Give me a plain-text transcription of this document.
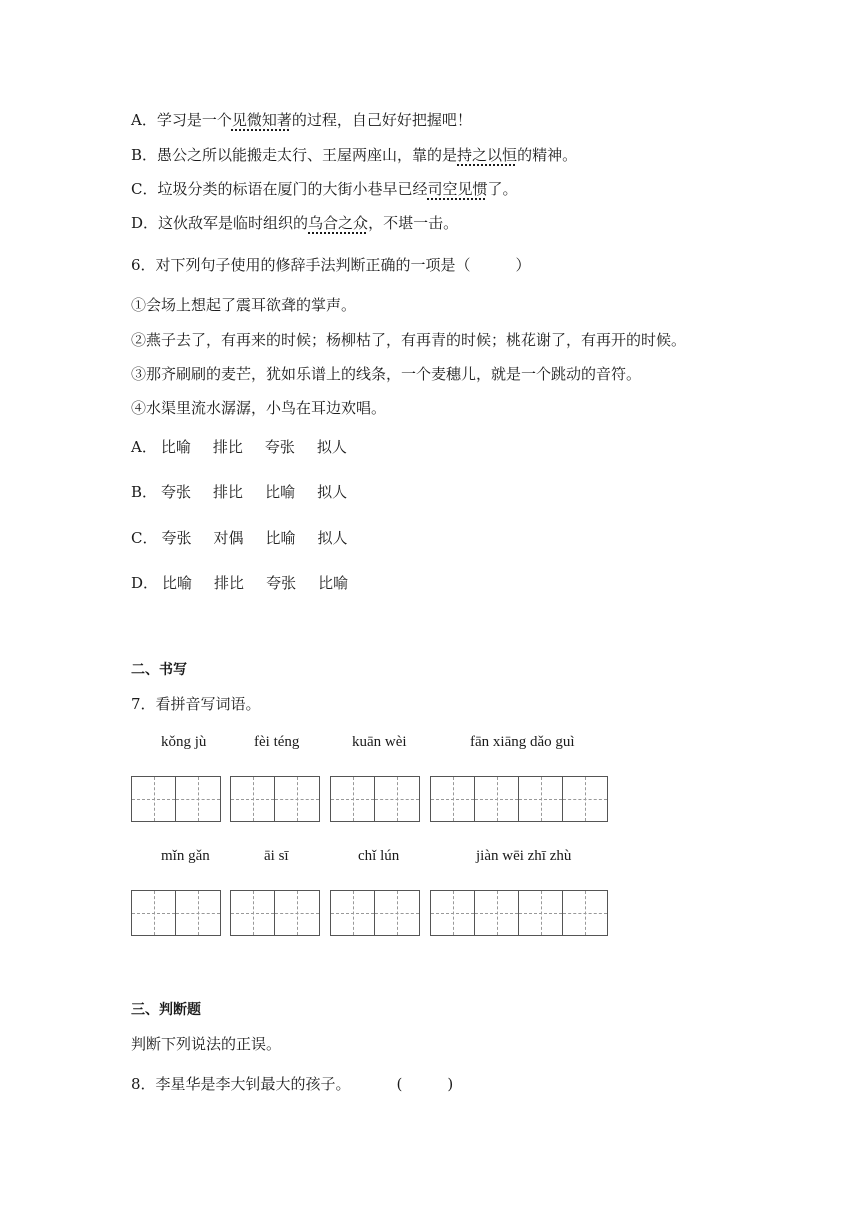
A．学习是一个见微知著的过程，自己好好把握吧！
B．愚公之所以能搬走太行、王屋两座山，靠的是持之以恒的精神。
C．垃圾分类的标语在厦门的大街小巷早已经司空见惯了。
D．这伙敌军是临时组织的乌合之众，不堪一击。
6．对下列句子使用的修辞手法判断正确的一项是（　　　）
①会场上想起了震耳欲聋的掌声。
②燕子去了，有再来的时候；杨柳枯了，有再青的时候；桃花谢了，有再开的时候。
③那齐刷刷的麦芒，犹如乐谱上的线条，一个麦穗儿，就是一个跳动的音符。
④水渠里流水潺潺，小鸟在耳边欢唱。
A． 比喻 排比 夸张 拟人
B． 夸张 排比 比喻 拟人
C． 夸张 对偶 比喻 拟人
D． 比喻 排比 夸张 比喻
二、书写
7．看拼音写词语。
kǒng jù	fèi téng	kuān wèi	fān xiāng dǎo guì
mǐn gǎn	āi sī	chǐ lún	jiàn wēi zhī zhù
三、判断题
判断下列说法的正误。
8．李星华是李大钊最大的孩子。	(　　　)
